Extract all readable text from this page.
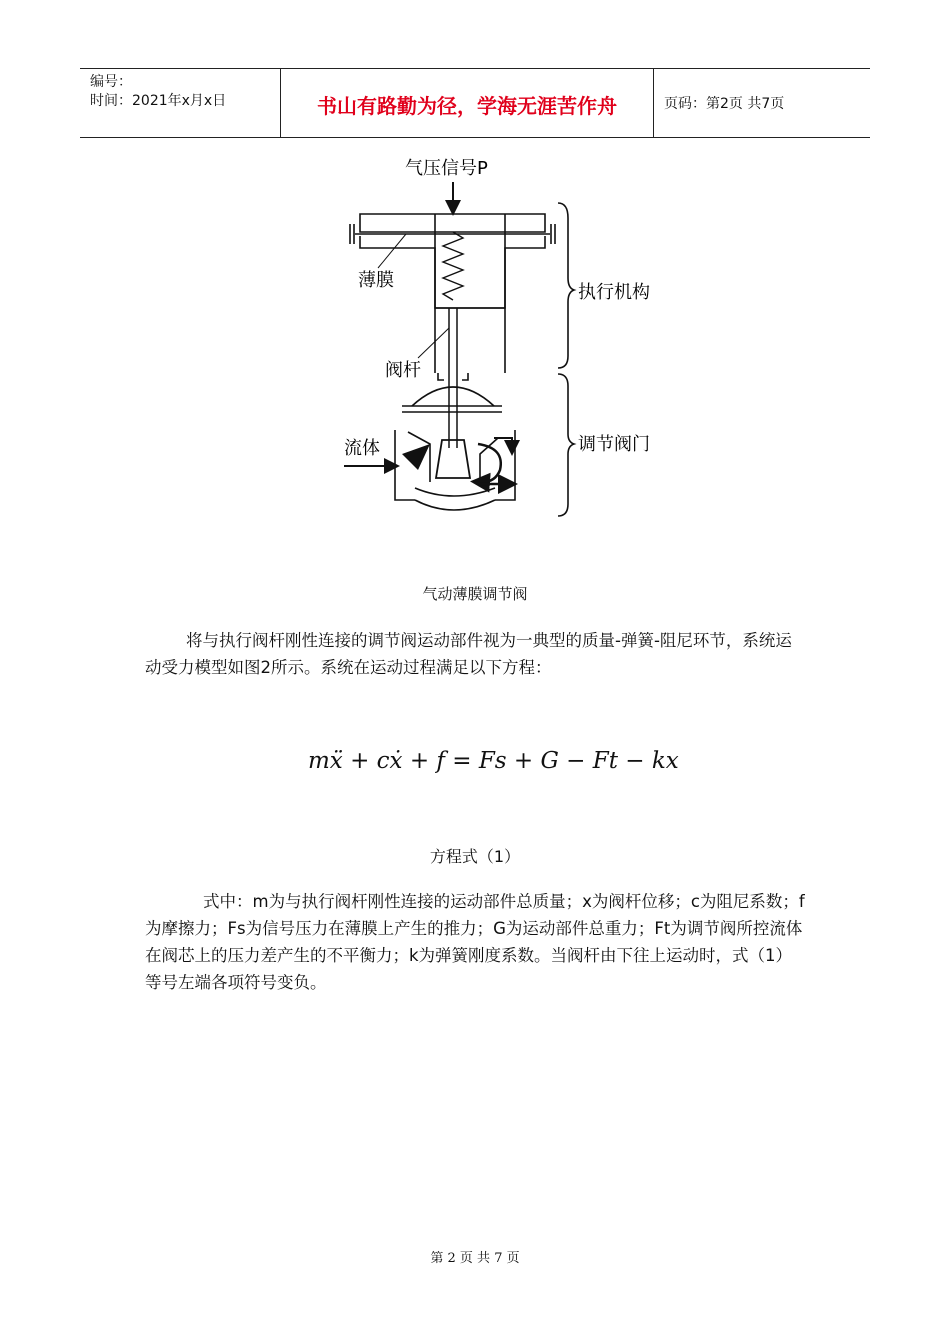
编号：
时间：2021年x月x日	书山有路勤为径，学海无涯苦作舟	页码：第2页 共7页
气压信号P
薄膜
阀杆
流体
执行机构
调节阀门
气动薄膜调节阀
将与执行阀杆刚性连接的调节阀运动部件视为一典型的质量-弹簧-阻尼环节，系统运动受力模型如图2所示。系统在运动过程满足以下方程：
mẍ + cẋ + f = Fs + G − Ft − kx
方程式（1）
式中：m为与执行阀杆刚性连接的运动部件总质量；x为阀杆位移；c为阻尼系数；f为摩擦力；Fs为信号压力在薄膜上产生的推力；G为运动部件总重力；Ft为调节阀所控流体在阀芯上的压力差产生的不平衡力；k为弹簧刚度系数。当阀杆由下往上运动时，式（1）等号左端各项符号变负。
第 2 页 共 7 页
